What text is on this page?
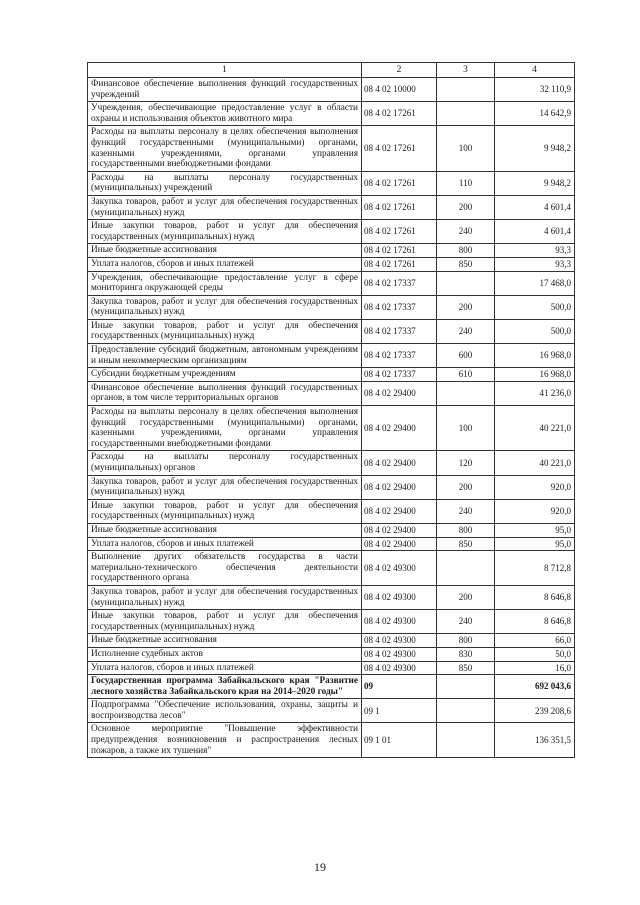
1	2	3	4
Финансовое обеспечение выполнения функций государственных учреждений	08 4 02 10000		32 110,9
Учреждения, обеспечивающие предоставление услуг в области охраны и использования объектов животного мира	08 4 02 17261		14 642,9
Расходы на выплаты персоналу в целях обеспечения выполнения функций государственными (муниципальными) органами, казенными учреждениями, органами управления государственными внебюджетными фондами	08 4 02 17261	100	9 948,2
Расходы на выплаты персоналу государственных (муниципальных) учреждений	08 4 02 17261	110	9 948,2
Закупка товаров, работ и услуг для обеспечения государственных (муниципальных) нужд	08 4 02 17261	200	4 601,4
Иные закупки товаров, работ и услуг для обеспечения государственных (муниципальных) нужд	08 4 02 17261	240	4 601,4
Иные бюджетные ассигнования	08 4 02 17261	800	93,3
Уплата налогов, сборов и иных платежей	08 4 02 17261	850	93,3
Учреждения, обеспечивающие предоставление услуг в сфере мониторинга окружающей среды	08 4 02 17337		17 468,0
Закупка товаров, работ и услуг для обеспечения государственных (муниципальных) нужд	08 4 02 17337	200	500,0
Иные закупки товаров, работ и услуг для обеспечения государственных (муниципальных) нужд	08 4 02 17337	240	500,0
Предоставление субсидий бюджетным, автономным учреждениям и иным некоммерческим организациям	08 4 02 17337	600	16 968,0
Субсидии бюджетным учреждениям	08 4 02 17337	610	16 968,0
Финансовое обеспечение выполнения функций государственных органов, в том числе территориальных органов	08 4 02 29400		41 236,0
Расходы на выплаты персоналу в целях обеспечения выполнения функций государственными (муниципальными) органами, казенными учреждениями, органами управления государственными внебюджетными фондами	08 4 02 29400	100	40 221,0
Расходы на выплаты персоналу государственных (муниципальных) органов	08 4 02 29400	120	40 221,0
Закупка товаров, работ и услуг для обеспечения государственных (муниципальных) нужд	08 4 02 29400	200	920,0
Иные закупки товаров, работ и услуг для обеспечения государственных (муниципальных) нужд	08 4 02 29400	240	920,0
Иные бюджетные ассигнования	08 4 02 29400	800	95,0
Уплата налогов, сборов и иных платежей	08 4 02 29400	850	95,0
Выполнение других обязательств государства в части материально-технического обеспечения деятельности государственного органа	08 4 02 49300		8 712,8
Закупка товаров, работ и услуг для обеспечения государственных (муниципальных) нужд	08 4 02 49300	200	8 646,8
Иные закупки товаров, работ и услуг для обеспечения государственных (муниципальных) нужд	08 4 02 49300	240	8 646,8
Иные бюджетные ассигнования	08 4 02 49300	800	66,0
Исполнение судебных актов	08 4 02 49300	830	50,0
Уплата налогов, сборов и иных платежей	08 4 02 49300	850	16,0
Государственная программа Забайкальского края "Развитие лесного хозяйства Забайкальского края на 2014–2020 годы"	09		692 043,6
Подпрограмма "Обеспечение использования, охраны, защиты и воспроизводства лесов"	09 1		239 208,6
Основное мероприятие "Повышение эффективности предупреждения возникновения и распространения лесных пожаров, а также их тушения"	09 1 01		136 351,5
19
